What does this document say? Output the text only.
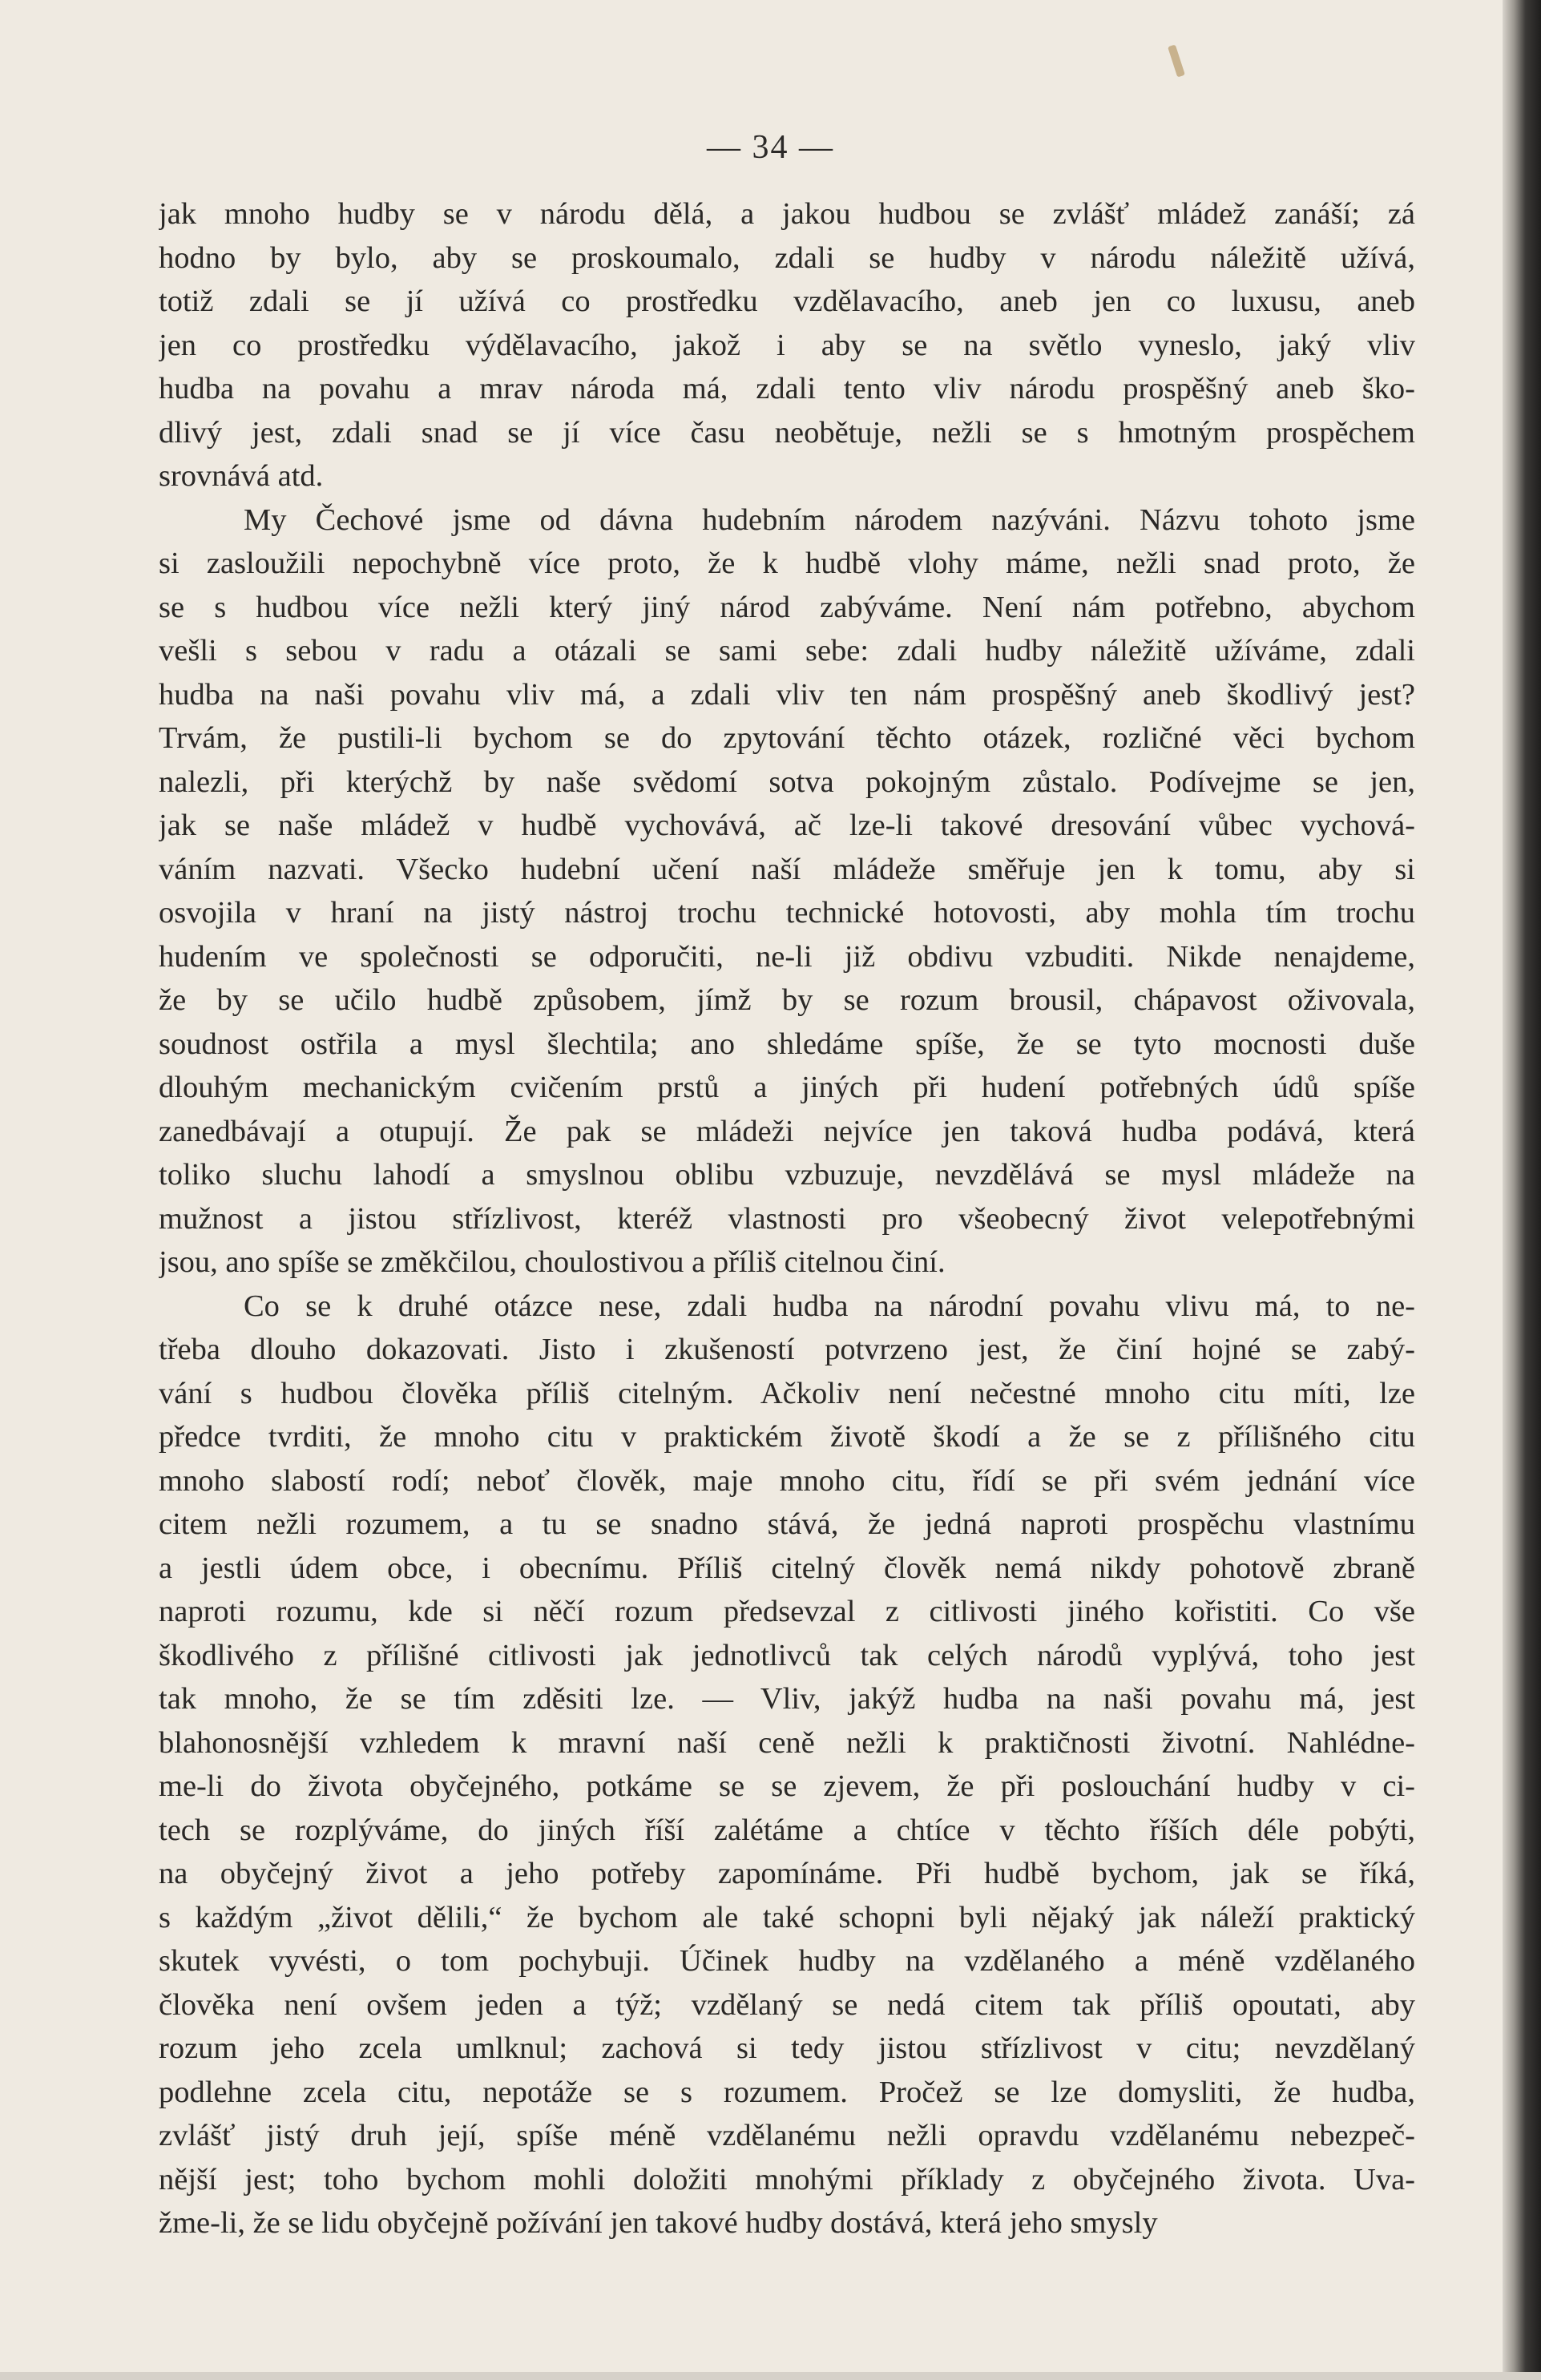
— 34 —
jak mnoho hudby se v národu dělá, a jakou hudbou se zvlášť mládež zanáší; zá
hodno by bylo, aby se proskoumalo, zdali se hudby v národu náležitě užívá,
totiž zdali se jí užívá co prostředku vzdělavacího, aneb jen co luxusu, aneb
jen co prostředku výdělavacího, jakož i aby se na světlo vyneslo, jaký vliv
hudba na povahu a mrav národa má, zdali tento vliv národu prospěšný aneb ško-
dlivý jest, zdali snad se jí více času neobětuje, nežli se s hmotným prospěchem
srovnává atd.
My Čechové jsme od dávna hudebním národem nazýváni. Názvu tohoto jsme
si zasloužili nepochybně více proto, že k hudbě vlohy máme, nežli snad proto, že
se s hudbou více nežli který jiný národ zabýváme. Není nám potřebno, abychom
vešli s sebou v radu a otázali se sami sebe: zdali hudby náležitě užíváme, zdali
hudba na naši povahu vliv má, a zdali vliv ten nám prospěšný aneb škodlivý jest?
Trvám, že pustili-li bychom se do zpytování těchto otázek, rozličné věci bychom
nalezli, při kterýchž by naše svědomí sotva pokojným zůstalo. Podívejme se jen,
jak se naše mládež v hudbě vychovává, ač lze-li takové dresování vůbec vychová-
váním nazvati. Všecko hudební učení naší mládeže směřuje jen k tomu, aby si
osvojila v hraní na jistý nástroj trochu technické hotovosti, aby mohla tím trochu
hudením ve společnosti se odporučiti, ne-li již obdivu vzbuditi. Nikde nenajdeme,
že by se učilo hudbě způsobem, jímž by se rozum brousil, chápavost oživovala,
soudnost ostřila a mysl šlechtila; ano shledáme spíše, že se tyto mocnosti duše
dlouhým mechanickým cvičením prstů a jiných při hudení potřebných údů spíše
zanedbávají a otupují. Že pak se mládeži nejvíce jen taková hudba podává, která
toliko sluchu lahodí a smyslnou oblibu vzbuzuje, nevzdělává se mysl mládeže na
mužnost a jistou střízlivost, kteréž vlastnosti pro všeobecný život velepotřebnými
jsou, ano spíše se změkčilou, choulostivou a příliš citelnou činí.
Co se k druhé otázce nese, zdali hudba na národní povahu vlivu má, to ne-
třeba dlouho dokazovati. Jisto i zkušeností potvrzeno jest, že činí hojné se zabý-
vání s hudbou člověka příliš citelným. Ačkoliv není nečestné mnoho citu míti, lze
předce tvrditi, že mnoho citu v praktickém životě škodí a že se z přílišného citu
mnoho slabostí rodí; neboť člověk, maje mnoho citu, řídí se při svém jednání více
citem nežli rozumem, a tu se snadno stává, že jedná naproti prospěchu vlastnímu
a jestli údem obce, i obecnímu. Příliš citelný člověk nemá nikdy pohotově zbraně
naproti rozumu, kde si něčí rozum předsevzal z citlivosti jiného kořistiti. Co vše
škodlivého z přílišné citlivosti jak jednotlivců tak celých národů vyplývá, toho jest
tak mnoho, že se tím zděsiti lze. — Vliv, jakýž hudba na naši povahu má, jest
blahonosnější vzhledem k mravní naší ceně nežli k praktičnosti životní. Nahlédne-
me-li do života obyčejného, potkáme se se zjevem, že při poslouchání hudby v ci-
tech se rozplýváme, do jiných říší zalétáme a chtíce v těchto říších déle pobýti,
na obyčejný život a jeho potřeby zapomínáme. Při hudbě bychom, jak se říká,
s každým „život dělili,“ že bychom ale také schopni byli nějaký jak náleží praktický
skutek vyvésti, o tom pochybuji. Účinek hudby na vzdělaného a méně vzdělaného
člověka není ovšem jeden a týž; vzdělaný se nedá citem tak příliš opoutati, aby
rozum jeho zcela umlknul; zachová si tedy jistou střízlivost v citu; nevzdělaný
podlehne zcela citu, nepotáže se s rozumem. Pročež se lze domysliti, že hudba,
zvlášť jistý druh její, spíše méně vzdělanému nežli opravdu vzdělanému nebezpeč-
nější jest; toho bychom mohli doložiti mnohými příklady z obyčejného života. Uva-
žme-li, že se lidu obyčejně požívání jen takové hudby dostává, která jeho smysly
